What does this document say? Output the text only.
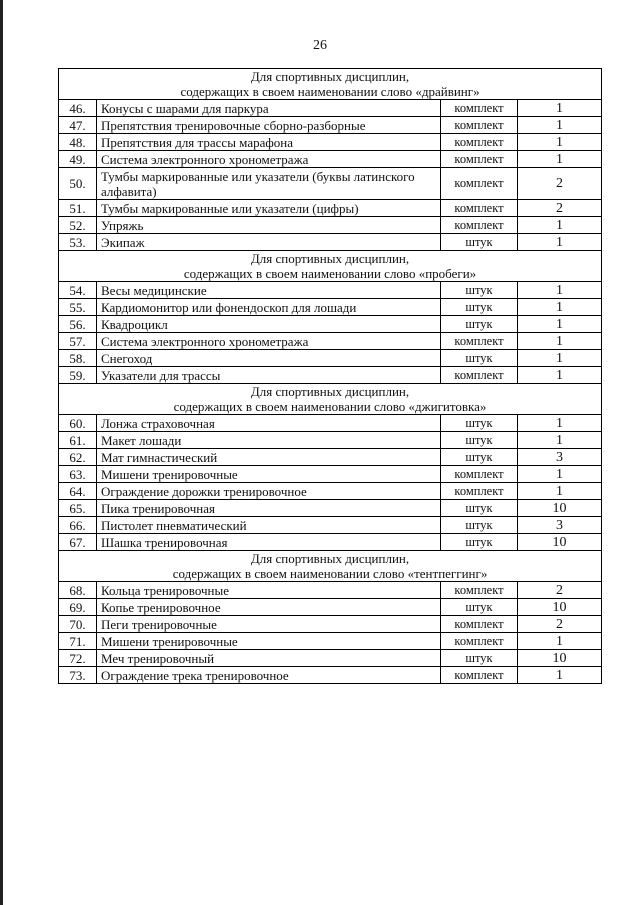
26
Для спортивных дисциплин,
содержащих в своем наименовании слово «драйвинг»			

46.	Конусы с шарами для паркура	комплект	1
47.	Препятствия тренировочные сборно-разборные	комплект	1
48.	Препятствия для трассы марафона	комплект	1
49.	Система электронного хронометража	комплект	1
50.	Тумбы маркированные или указатели (буквы латинского алфавита)	комплект	2
51.	Тумбы маркированные или указатели (цифры)	комплект	2
52.	Упряжь	комплект	1
53.	Экипаж	штук	1

Для спортивных дисциплин,
содержащих в своем наименовании слово «пробеги»			

54.	Весы медицинские	штук	1
55.	Кардиомонитор или фонендоскоп для лошади	штук	1
56.	Квадроцикл	штук	1
57.	Система электронного хронометража	комплект	1
58.	Снегоход	штук	1
59.	Указатели для трассы	комплект	1

Для спортивных дисциплин,
содержащих в своем наименовании слово «джигитовка»			

60.	Лонжа страховочная	штук	1
61.	Макет лошади	штук	1
62.	Мат гимнастический	штук	3
63.	Мишени тренировочные	комплект	1
64.	Ограждение дорожки тренировочное	комплект	1
65.	Пика тренировочная	штук	10
66.	Пистолет пневматический	штук	3
67.	Шашка тренировочная	штук	10

Для спортивных дисциплин,
содержащих в своем наименовании слово «тентпеггинг»			

68.	Кольца тренировочные	комплект	2
69.	Копье тренировочное	штук	10
70.	Пеги тренировочные	комплект	2
71.	Мишени тренировочные	комплект	1
72.	Меч тренировочный	штук	10
73.	Ограждение трека тренировочное	комплект	1
